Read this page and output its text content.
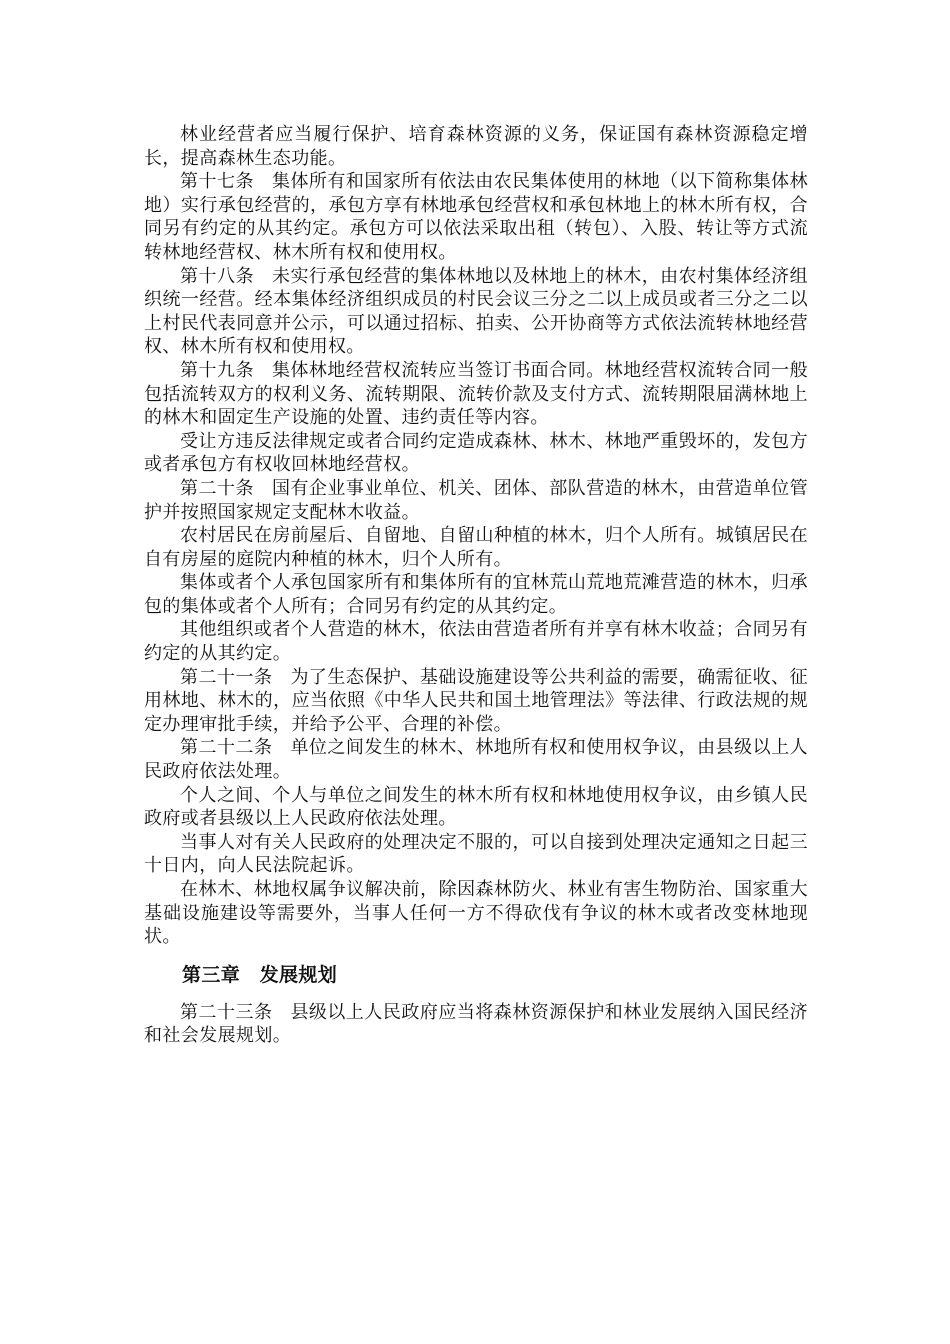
林业经营者应当履行保护、培育森林资源的义务，保证国有森林资源稳定增长，提高森林生态功能。

第十七条 集体所有和国家所有依法由农民集体使用的林地（以下简称集体林地）实行承包经营的，承包方享有林地承包经营权和承包林地上的林木所有权，合同另有约定的从其约定。承包方可以依法采取出租（转包）、入股、转让等方式流转林地经营权、林木所有权和使用权。

第十八条 未实行承包经营的集体林地以及林地上的林木，由农村集体经济组织统一经营。经本集体经济组织成员的村民会议三分之二以上成员或者三分之二以上村民代表同意并公示，可以通过招标、拍卖、公开协商等方式依法流转林地经营权、林木所有权和使用权。

第十九条 集体林地经营权流转应当签订书面合同。林地经营权流转合同一般包括流转双方的权利义务、流转期限、流转价款及支付方式、流转期限届满林地上的林木和固定生产设施的处置、违约责任等内容。

受让方违反法律规定或者合同约定造成森林、林木、林地严重毁坏的，发包方或者承包方有权收回林地经营权。

第二十条 国有企业事业单位、机关、团体、部队营造的林木，由营造单位管护并按照国家规定支配林木收益。

农村居民在房前屋后、自留地、自留山种植的林木，归个人所有。城镇居民在自有房屋的庭院内种植的林木，归个人所有。

集体或者个人承包国家所有和集体所有的宜林荒山荒地荒滩营造的林木，归承包的集体或者个人所有；合同另有约定的从其约定。

其他组织或者个人营造的林木，依法由营造者所有并享有林木收益；合同另有约定的从其约定。

第二十一条 为了生态保护、基础设施建设等公共利益的需要，确需征收、征用林地、林木的，应当依照《中华人民共和国土地管理法》等法律、行政法规的规定办理审批手续，并给予公平、合理的补偿。

第二十二条 单位之间发生的林木、林地所有权和使用权争议，由县级以上人民政府依法处理。

个人之间、个人与单位之间发生的林木所有权和林地使用权争议，由乡镇人民政府或者县级以上人民政府依法处理。

当事人对有关人民政府的处理决定不服的，可以自接到处理决定通知之日起三十日内，向人民法院起诉。

在林木、林地权属争议解决前，除因森林防火、林业有害生物防治、国家重大基础设施建设等需要外，当事人任何一方不得砍伐有争议的林木或者改变林地现状。

第三章　发展规划

第二十三条 县级以上人民政府应当将森林资源保护和林业发展纳入国民经济和社会发展规划。
